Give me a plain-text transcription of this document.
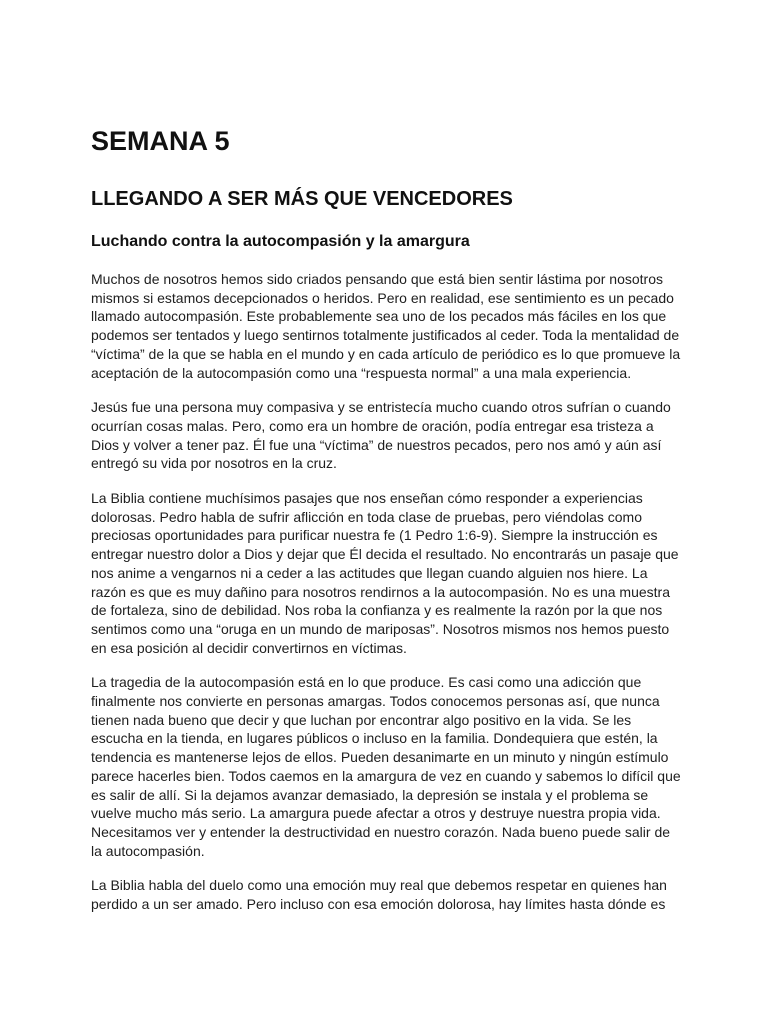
SEMANA 5
LLEGANDO A SER MÁS QUE VENCEDORES
Luchando contra la autocompasión y la amargura

Muchos de nosotros hemos sido criados pensando que está bien sentir lástima por nosotros mismos si estamos decepcionados o heridos. Pero en realidad, ese sentimiento es un pecado llamado autocompasión. Este probablemente sea uno de los pecados más fáciles en los que podemos ser tentados y luego sentirnos totalmente justificados al ceder. Toda la mentalidad de “víctima” de la que se habla en el mundo y en cada artículo de periódico es lo que promueve la aceptación de la autocompasión como una “respuesta normal” a una mala experiencia.

Jesús fue una persona muy compasiva y se entristecía mucho cuando otros sufrían o cuando ocurrían cosas malas. Pero, como era un hombre de oración, podía entregar esa tristeza a Dios y volver a tener paz. Él fue una “víctima” de nuestros pecados, pero nos amó y aún así entregó su vida por nosotros en la cruz.

La Biblia contiene muchísimos pasajes que nos enseñan cómo responder a experiencias dolorosas. Pedro habla de sufrir aflicción en toda clase de pruebas, pero viéndolas como preciosas oportunidades para purificar nuestra fe (1 Pedro 1:6-9). Siempre la instrucción es entregar nuestro dolor a Dios y dejar que Él decida el resultado. No encontrarás un pasaje que nos anime a vengarnos ni a ceder a las actitudes que llegan cuando alguien nos hiere. La razón es que es muy dañino para nosotros rendirnos a la autocompasión. No es una muestra de fortaleza, sino de debilidad. Nos roba la confianza y es realmente la razón por la que nos sentimos como una “oruga en un mundo de mariposas”. Nosotros mismos nos hemos puesto en esa posición al decidir convertirnos en víctimas.

La tragedia de la autocompasión está en lo que produce. Es casi como una adicción que finalmente nos convierte en personas amargas. Todos conocemos personas así, que nunca tienen nada bueno que decir y que luchan por encontrar algo positivo en la vida. Se les escucha en la tienda, en lugares públicos o incluso en la familia. Dondequiera que estén, la tendencia es mantenerse lejos de ellos. Pueden desanimarte en un minuto y ningún estímulo parece hacerles bien. Todos caemos en la amargura de vez en cuando y sabemos lo difícil que es salir de allí. Si la dejamos avanzar demasiado, la depresión se instala y el problema se vuelve mucho más serio. La amargura puede afectar a otros y destruye nuestra propia vida. Necesitamos ver y entender la destructividad en nuestro corazón. Nada bueno puede salir de la autocompasión.

La Biblia habla del duelo como una emoción muy real que debemos respetar en quienes han perdido a un ser amado. Pero incluso con esa emoción dolorosa, hay límites hasta dónde es
